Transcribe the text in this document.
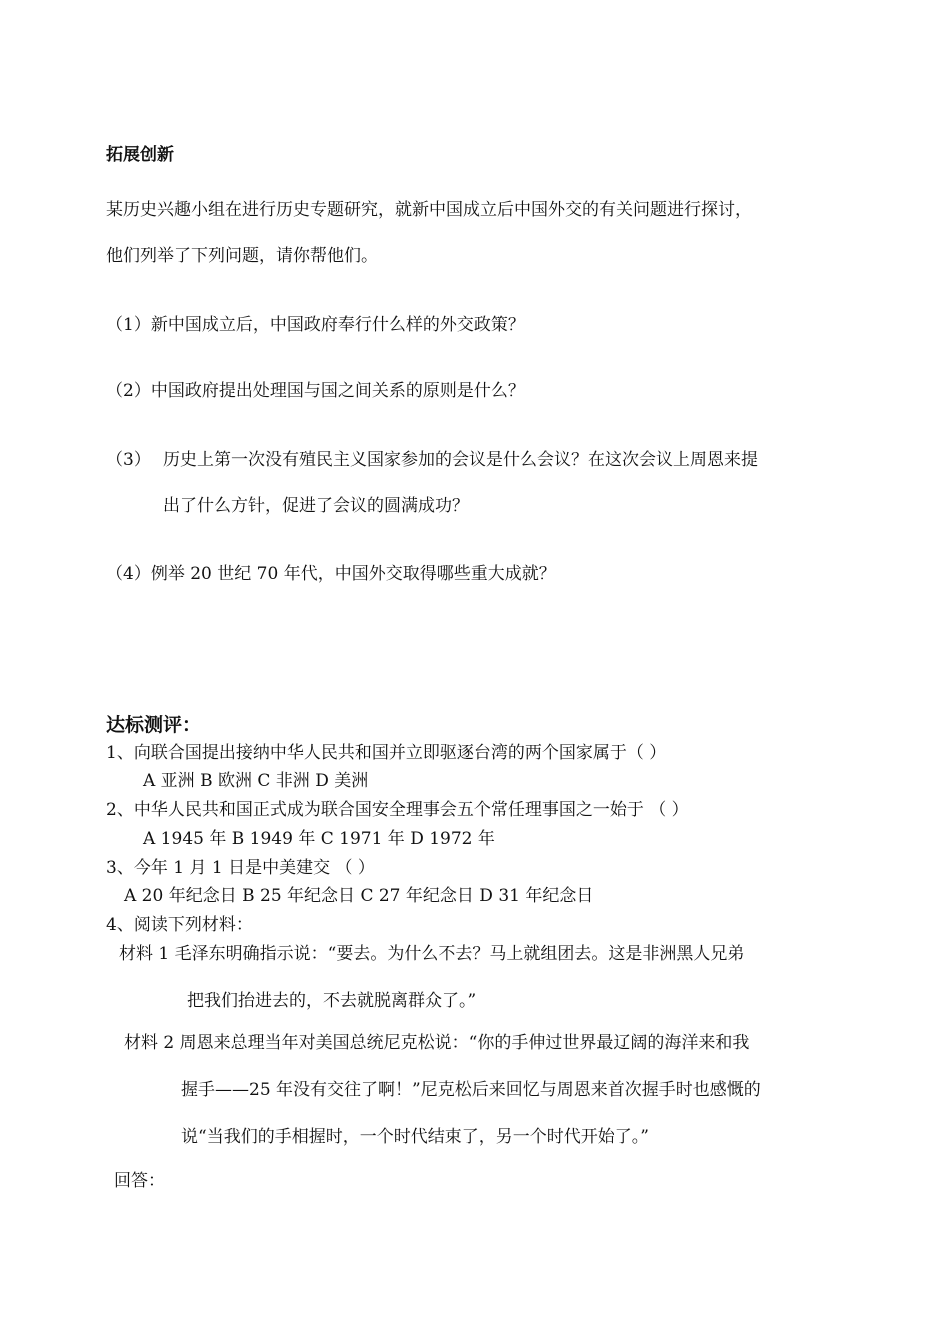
拓展创新
某历史兴趣小组在进行历史专题研究，就新中国成立后中国外交的有关问题进行探讨，
他们列举了下列问题，请你帮他们。
（1）新中国成立后，中国政府奉行什么样的外交政策？
（2）中国政府提出处理国与国之间关系的原则是什么？
（3） 历史上第一次没有殖民主义国家参加的会议是什么会议？在这次会议上周恩来提
出了什么方针，促进了会议的圆满成功？
（4）例举 20 世纪 70 年代，中国外交取得哪些重大成就？
达标测评：
1、向联合国提出接纳中华人民共和国并立即驱逐台湾的两个国家属于（ ）
A 亚洲 B 欧洲 C 非洲 D 美洲
2、中华人民共和国正式成为联合国安全理事会五个常任理事国之一始于 （ ）
A 1945 年 B 1949 年 C 1971 年 D 1972 年
3、今年 1 月 1 日是中美建交 （ ）
A 20 年纪念日 B 25 年纪念日 C 27 年纪念日 D 31 年纪念日
4、阅读下列材料：
材料 1 毛泽东明确指示说：“要去。为什么不去？马上就组团去。这是非洲黑人兄弟
把我们抬进去的，不去就脱离群众了。”
材料 2 周恩来总理当年对美国总统尼克松说：“你的手伸过世界最辽阔的海洋来和我
握手——25 年没有交往了啊！”尼克松后来回忆与周恩来首次握手时也感慨的
说“当我们的手相握时，一个时代结束了，另一个时代开始了。”
回答：
